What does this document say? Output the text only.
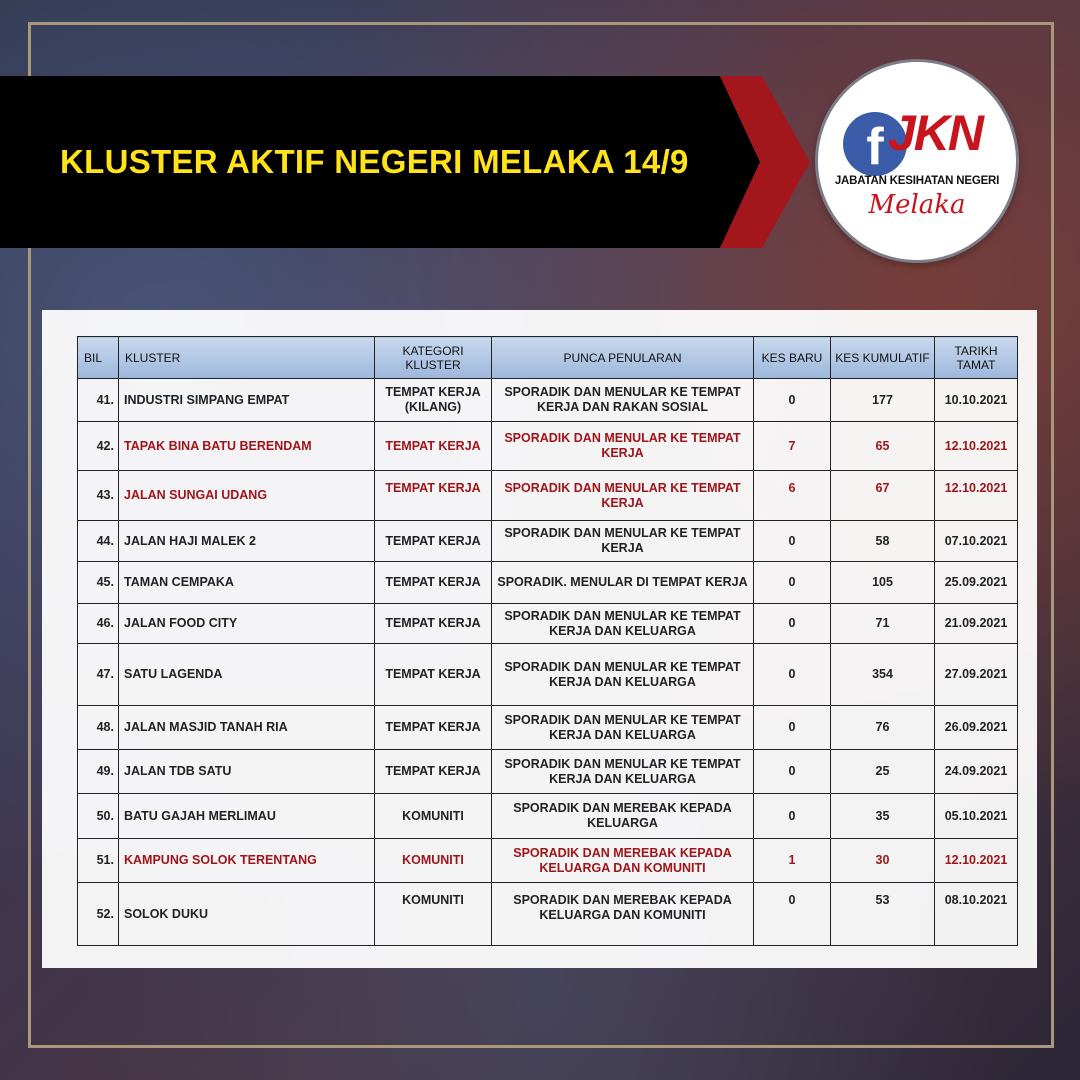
KLUSTER AKTIF NEGERI MELAKA 14/9	f JKN
JABATAN KESIHATAN NEGERI
Melaka
BIL	KLUSTER	KATEGORI KLUSTER	PUNCA PENULARAN	KES BARU	KES KUMULATIF	TARIKH TAMAT
41.	INDUSTRI SIMPANG EMPAT	TEMPAT KERJA (KILANG)	SPORADIK DAN MENULAR KE TEMPAT KERJA DAN RAKAN SOSIAL	0	177	10.10.2021
42.	TAPAK BINA BATU BERENDAM	TEMPAT KERJA	SPORADIK DAN MENULAR KE TEMPAT KERJA	7	65	12.10.2021
43.	JALAN SUNGAI UDANG	TEMPAT KERJA	SPORADIK DAN MENULAR KE TEMPAT KERJA	6	67	12.10.2021
44.	JALAN HAJI MALEK 2	TEMPAT KERJA	SPORADIK DAN MENULAR KE TEMPAT KERJA	0	58	07.10.2021
45.	TAMAN CEMPAKA	TEMPAT KERJA	SPORADIK. MENULAR DI TEMPAT KERJA	0	105	25.09.2021
46.	JALAN FOOD CITY	TEMPAT KERJA	SPORADIK DAN MENULAR KE TEMPAT KERJA DAN KELUARGA	0	71	21.09.2021
47.	SATU LAGENDA	TEMPAT KERJA	SPORADIK DAN MENULAR KE TEMPAT KERJA DAN KELUARGA	0	354	27.09.2021
48.	JALAN MASJID TANAH RIA	TEMPAT KERJA	SPORADIK DAN MENULAR KE TEMPAT KERJA DAN KELUARGA	0	76	26.09.2021
49.	JALAN TDB SATU	TEMPAT KERJA	SPORADIK DAN MENULAR KE TEMPAT KERJA DAN KELUARGA	0	25	24.09.2021
50.	BATU GAJAH MERLIMAU	KOMUNITI	SPORADIK DAN MEREBAK KEPADA KELUARGA	0	35	05.10.2021
51.	KAMPUNG SOLOK TERENTANG	KOMUNITI	SPORADIK DAN MEREBAK KEPADA KELUARGA DAN KOMUNITI	1	30	12.10.2021
52.	SOLOK DUKU	KOMUNITI	SPORADIK DAN MEREBAK KEPADA KELUARGA DAN KOMUNITI	0	53	08.10.2021
